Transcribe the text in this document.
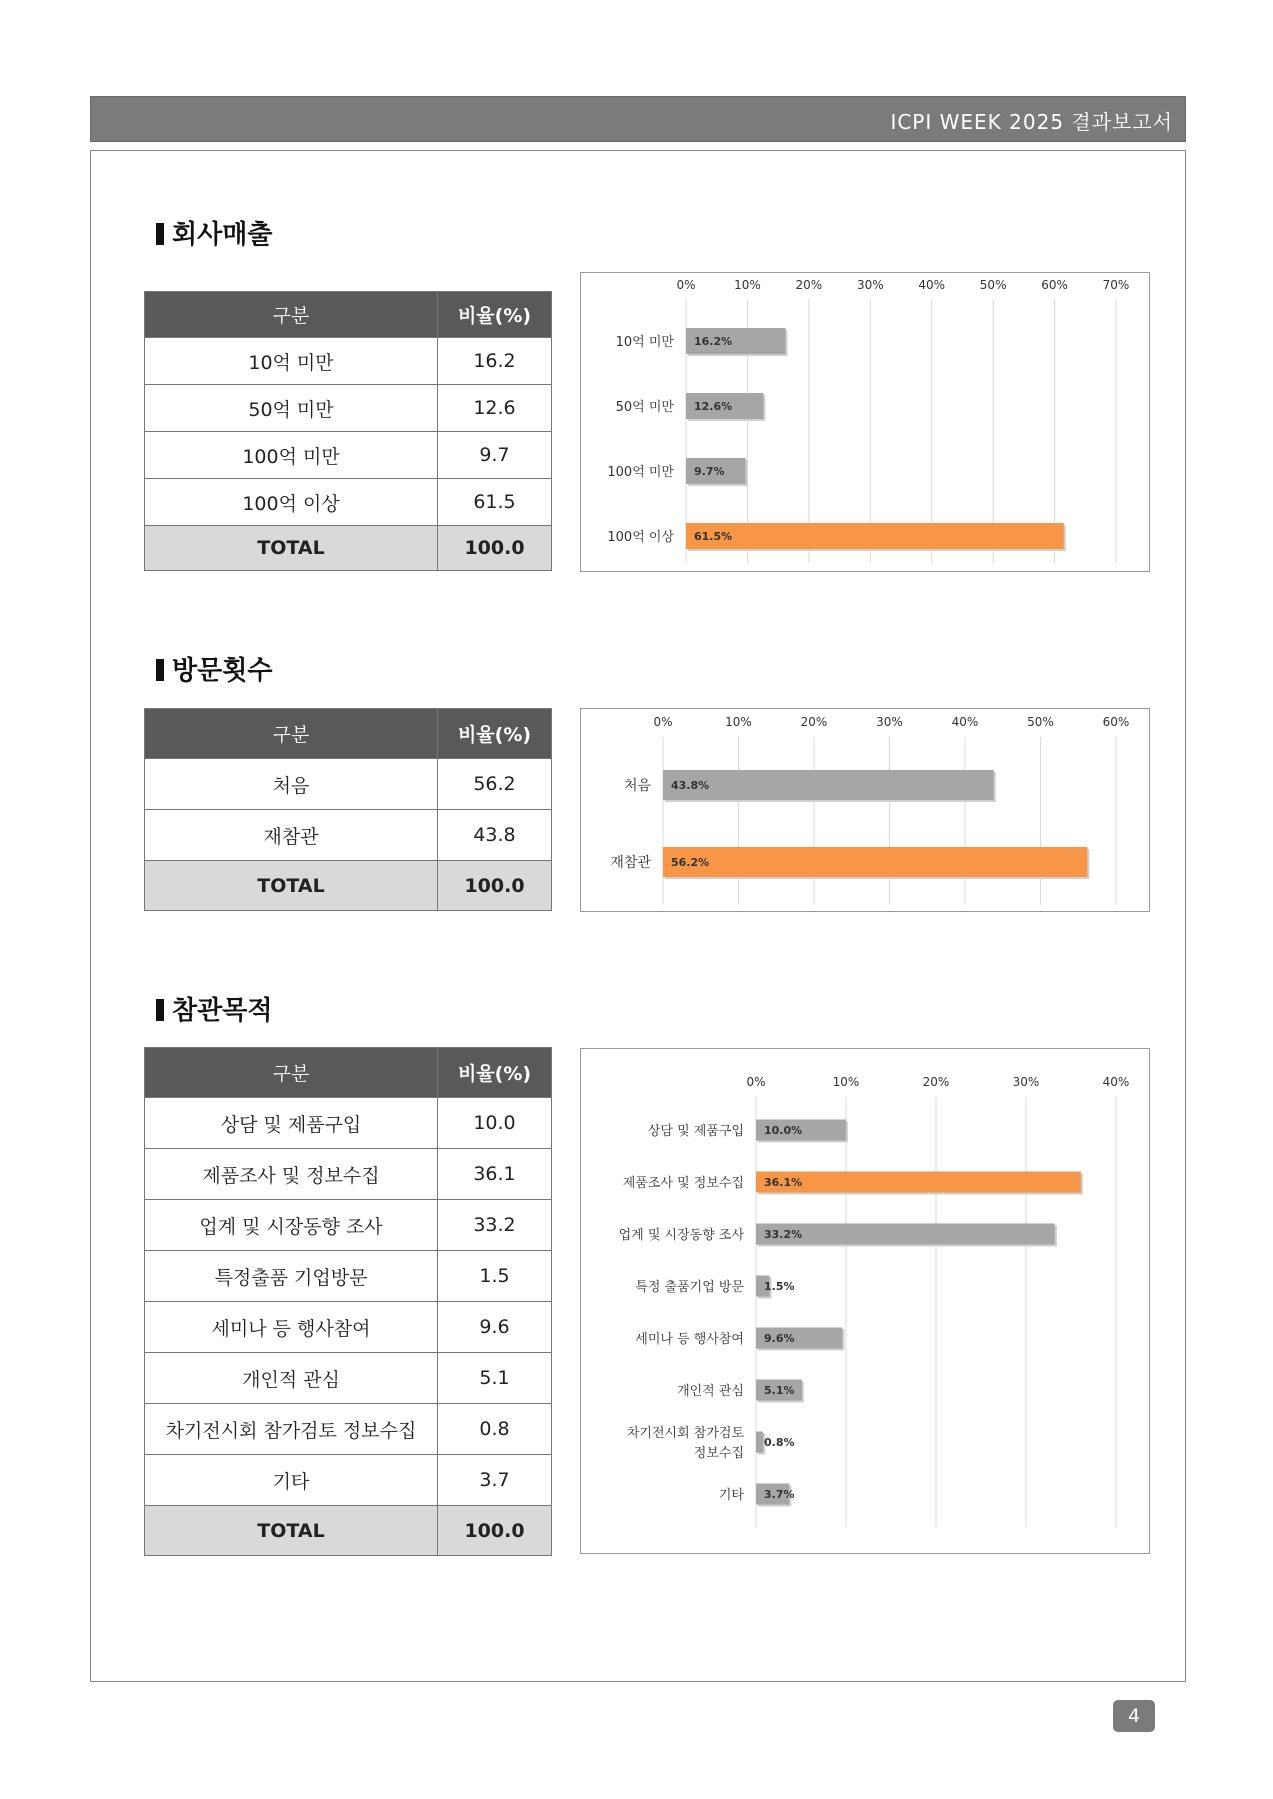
ICPI WEEK 2025 결과보고서
회사매출
구분	비율(%)
10억 미만	16.2
50억 미만	12.6
100억 미만	9.7
100억 이상	61.5
TOTAL	100.0
0%	10%	20%	30%	40%	50%	60%	70%
16.2%
10억 미만
12.6%
50억 미만
9.7%
100억 미만
61.5%
100억 이상
방문횟수
구분	비율(%)
처음	56.2
재참관	43.8
TOTAL	100.0
0%	10%	20%	30%	40%	50%	60%
43.8%
처음
56.2%
재참관
참관목적
구분	비율(%)
상담 및 제품구입	10.0
제품조사 및 정보수집	36.1
업계 및 시장동향 조사	33.2
특정출품 기업방문	1.5
세미나 등 행사참여	9.6
개인적 관심	5.1
차기전시회 참가검토 정보수집	0.8
기타	3.7
TOTAL	100.0
0%	10%	20%	30%	40%
10.0%
상담 및 제품구입
36.1%
제품조사 및 정보수집
33.2%
업계 및 시장동향 조사
1.5%
특정 출품기업 방문
9.6%
세미나 등 행사참여
5.1%
개인적 관심
0.8%
차기전시회 참가검토
정보수집
3.7%
기타
4
